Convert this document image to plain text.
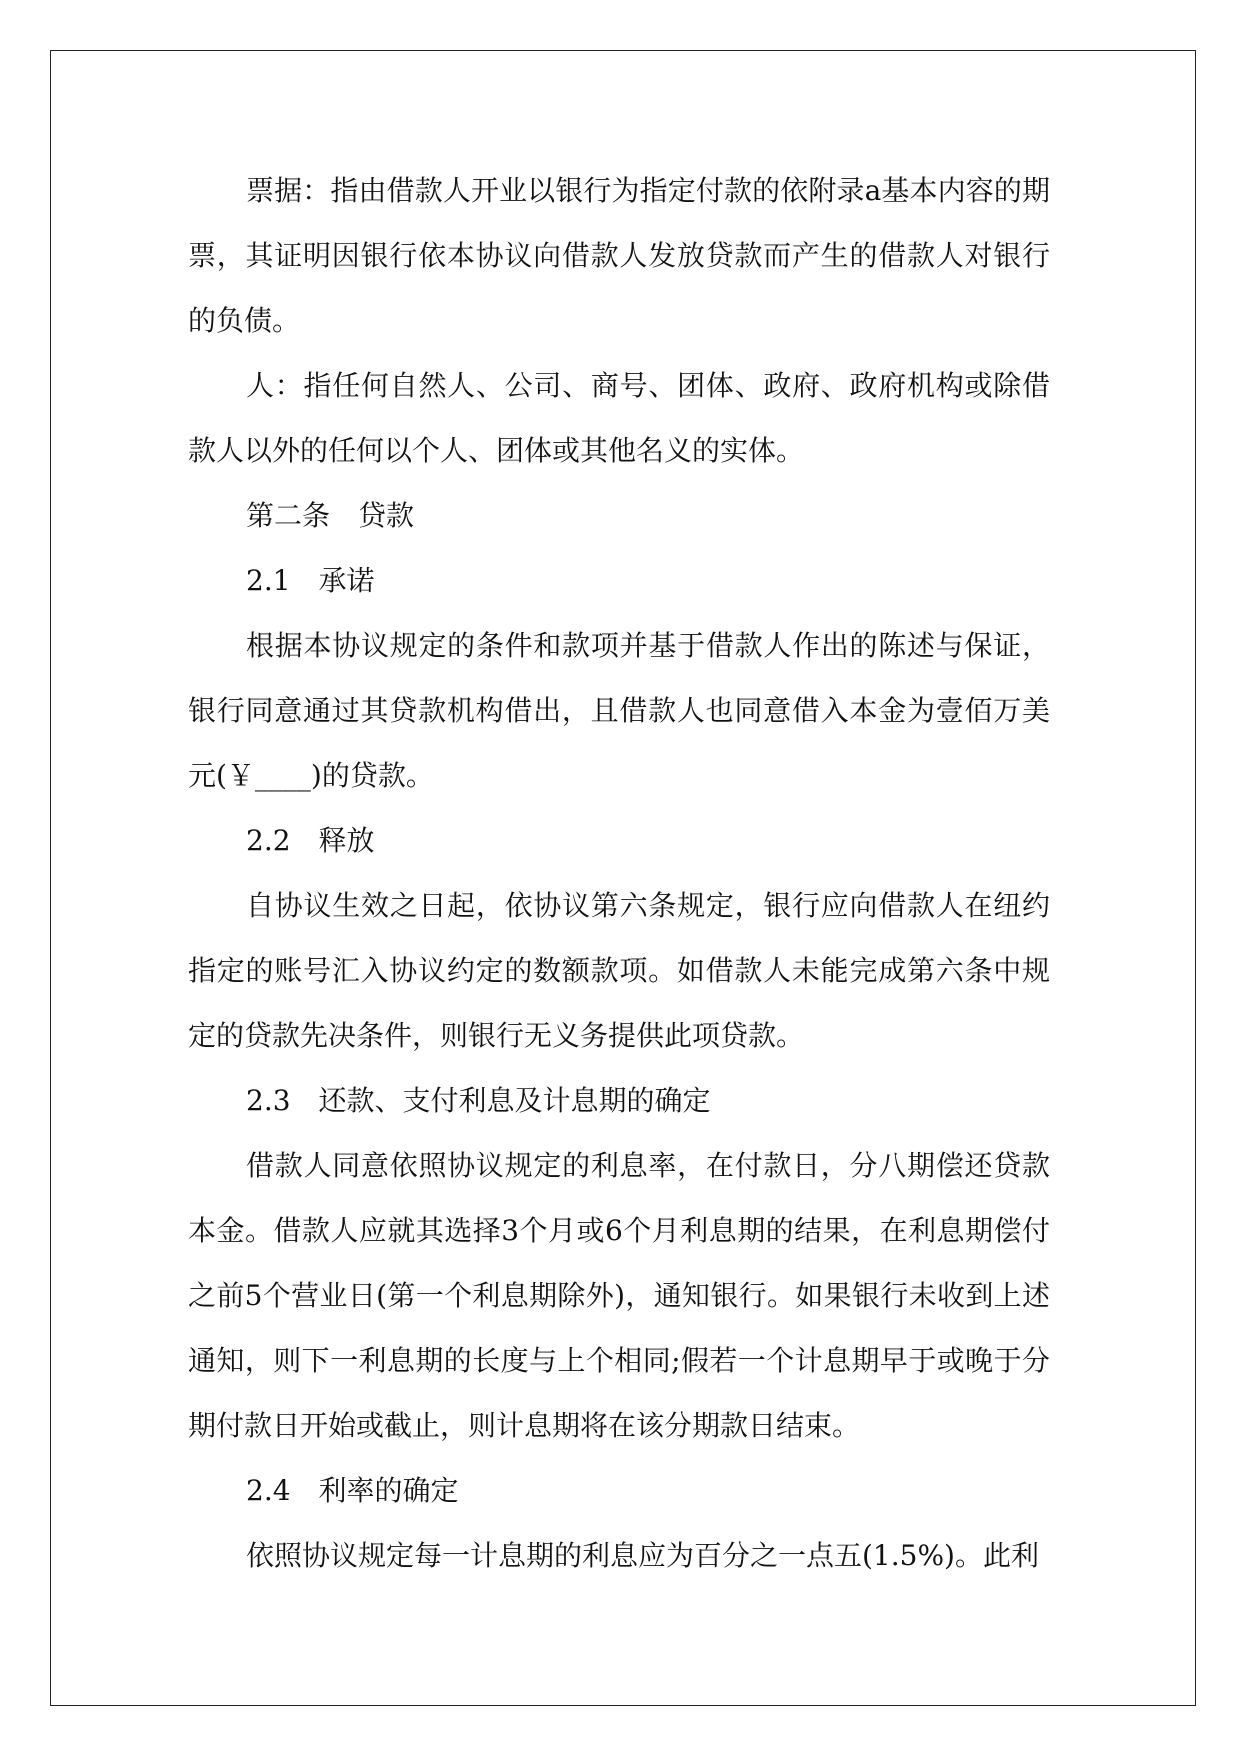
票据：指由借款人开业以银行为指定付款的依附录a基本内容的期票，其证明因银行依本协议向借款人发放贷款而产生的借款人对银行的负债。

人：指任何自然人、公司、商号、团体、政府、政府机构或除借款人以外的任何以个人、团体或其他名义的实体。

第二条　贷款

2.1　承诺

根据本协议规定的条件和款项并基于借款人作出的陈述与保证，银行同意通过其贷款机构借出，且借款人也同意借入本金为壹佰万美元(￥____)的贷款。

2.2　释放

自协议生效之日起，依协议第六条规定，银行应向借款人在纽约指定的账号汇入协议约定的数额款项。如借款人未能完成第六条中规定的贷款先决条件，则银行无义务提供此项贷款。

2.3　还款、支付利息及计息期的确定

借款人同意依照协议规定的利息率，在付款日，分八期偿还贷款本金。借款人应就其选择3个月或6个月利息期的结果，在利息期偿付之前5个营业日(第一个利息期除外)，通知银行。如果银行未收到上述通知，则下一利息期的长度与上个相同;假若一个计息期早于或晚于分期付款日开始或截止，则计息期将在该分期款日结束。

2.4　利率的确定

依照协议规定每一计息期的利息应为百分之一点五(1.5%)。此利
